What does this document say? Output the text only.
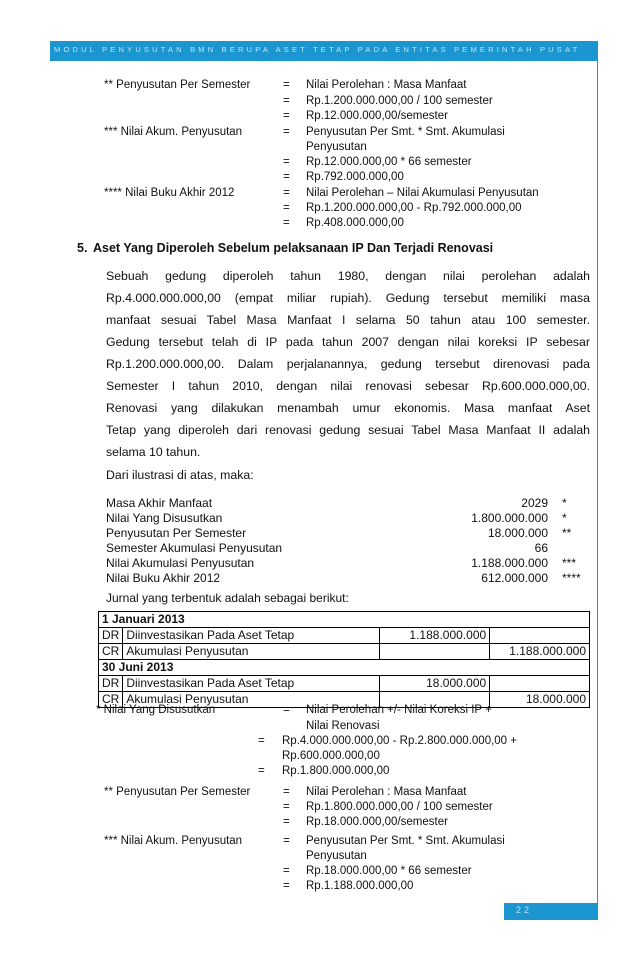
MODUL PENYUSUTAN BMN BERUPA ASET TETAP PADA ENTITAS PEMERINTAH PUSAT
22
** Penyusutan Per Semester	= Nilai Perolehan : Masa Manfaat
= Rp.1.200.000.000,00 / 100 semester
= Rp.12.000.000,00/semester
*** Nilai Akum. Penyusutan	= Penyusutan Per Smt. * Smt. Akumulasi
Penyusutan
= Rp.12.000.000,00 * 66 semester
= Rp.792.000.000,00
**** Nilai Buku Akhir 2012	= Nilai Perolehan – Nilai Akumulasi Penyusutan
= Rp.1.200.000.000,00 - Rp.792.000.000,00
= Rp.408.000.000,00
5. Aset Yang Diperoleh Sebelum pelaksanaan IP Dan Terjadi Renovasi
Sebuah gedung diperoleh tahun 1980, dengan nilai perolehan adalah
Rp.4.000.000.000,00 (empat miliar rupiah). Gedung tersebut memiliki masa
manfaat sesuai Tabel Masa Manfaat I selama 50 tahun atau 100 semester.
Gedung tersebut telah di IP pada tahun 2007 dengan nilai koreksi IP sebesar
Rp.1.200.000.000,00. Dalam perjalanannya, gedung tersebut direnovasi pada
Semester I tahun 2010, dengan nilai renovasi sebesar Rp.600.000.000,00.
Renovasi yang dilakukan menambah umur ekonomis. Masa manfaat Aset
Tetap yang diperoleh dari renovasi gedung sesuai Tabel Masa Manfaat II adalah
selama 10 tahun.
Dari ilustrasi di atas, maka:
Masa Akhir Manfaat	2029	*
Nilai Yang Disusutkan	1.800.000.000	*
Penyusutan Per Semester	18.000.000	**
Semester Akumulasi Penyusutan	66	
Nilai Akumulasi Penyusutan	1.188.000.000	***
Nilai Buku Akhir 2012	612.000.000	****
Jurnal yang terbentuk adalah sebagai berikut:
1 Januari 2013			
DR	Diinvestasikan Pada Aset Tetap	1.188.000.000	
CR	Akumulasi Penyusutan		1.188.000.000
30 Juni 2013			
DR	Diinvestasikan Pada Aset Tetap	18.000.000	
CR	Akumulasi Penyusutan		18.000.000
* Nilai Yang Disusutkan	= Nilai Perolehan +/- Nilai Koreksi IP +
Nilai Renovasi
= Rp.4.000.000.000,00 - Rp.2.800.000.000,00 +
Rp.600.000.000,00
= Rp.1.800.000.000,00
** Penyusutan Per Semester	= Nilai Perolehan : Masa Manfaat
= Rp.1.800.000.000,00 / 100 semester
= Rp.18.000.000,00/semester
*** Nilai Akum. Penyusutan	= Penyusutan Per Smt. * Smt. Akumulasi
Penyusutan
= Rp.18.000.000,00 * 66 semester
= Rp.1.188.000.000,00
